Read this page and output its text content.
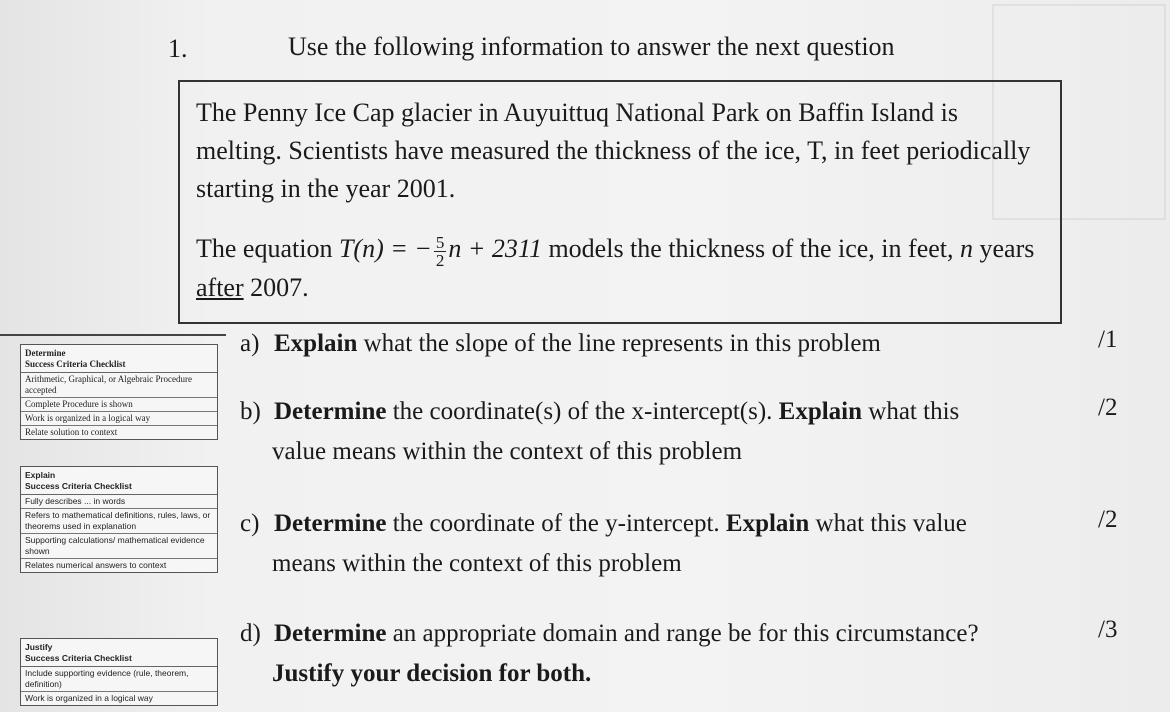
1.	Use the following information to answer the next question

The Penny Ice Cap glacier in Auyuittuq National Park on Baffin Island is melting. Scientists have measured the thickness of the ice, T, in feet periodically starting in the year 2001.

The equation T(n) = − $\frac{5}{2}$ n + 2311 models the thickness of the ice, in feet, n years after 2007.

Determine
Success Criteria Checklist
Arithmetic, Graphical, or Algebraic Procedure accepted
Complete Procedure is shown
Work is organized in a logical way
Relate solution to context
Explain
Success Criteria Checklist
Fully describes ... in words
Refers to mathematical definitions, rules, laws, or theorems used in explanation
Supporting calculations/ mathematical evidence shown
Relates numerical answers to context
Justify
Success Criteria Checklist
Include supporting evidence (rule, theorem, definition)
Work is organized in a logical way
a) Explain what the slope of the line represents in this problem	/1
b) Determine the coordinate(s) of the x-intercept(s). Explain what this
value means within the context of this problem
/2
c) Determine the coordinate of the y-intercept. Explain what this value
means within the context of this problem
/2
d) Determine an appropriate domain and range be for this circumstance?
Justify your decision for both.
/3
